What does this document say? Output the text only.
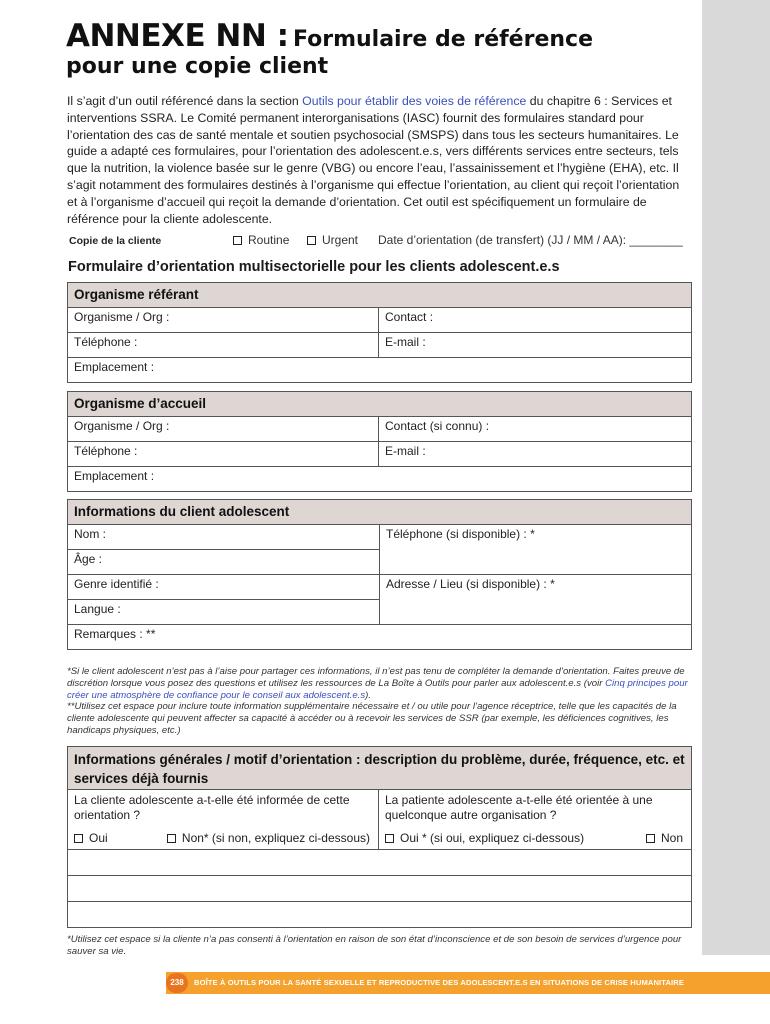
ANNEXE NN : Formulaire de référence
pour une copie client

Il s’agit d’un outil référencé dans la section Outils pour établir des voies de référence du chapitre 6 : Services et interventions SSRA. Le Comité permanent interorganisations (IASC) fournit des formulaires standard pour l’orientation des cas de santé mentale et soutien psychosocial (SMSPS) dans tous les secteurs humanitaires. Le guide a adapté ces formulaires, pour l’orientation des adolescent.e.s, vers différents services entre secteurs, tels que la nutrition, la violence basée sur le genre (VBG) ou encore l’eau, l’assainissement et l’hygiène (EHA), etc. Il s’agit notamment des formulaires destinés à l’organisme qui effectue l’orientation, au client qui reçoit l’orientation et à l’organisme d’accueil qui reçoit la demande d’orientation. Cet outil est spécifiquement un formulaire de référence pour la cliente adolescente.

Copie de la cliente	Routine	Urgent Date d’orientation (de transfert) (JJ / MM / AA): ________
Formulaire d’orientation multisectorielle pour les clients adolescent.e.s
Organisme référant	
Organisme / Org :	Contact :
Téléphone :	E-mail :
Emplacement :	
Organisme d’accueil	
Organisme / Org :	Contact (si connu) :
Téléphone :	E-mail :
Emplacement :	
Informations du client adolescent	
Nom :	Téléphone (si disponible) : *
Âge :	
Genre identifié :	Adresse / Lieu (si disponible) : *
Langue :	
Remarques : **	

*Si le client adolescent n’est pas à l’aise pour partager ces informations, il n’est pas tenu de compléter la demande d’orientation. Faites preuve de discrétion lorsque vous posez des questions et utilisez les ressources de La Boîte à Outils pour parler aux adolescent.e.s (voir Cinq principes pour créer une atmosphère de confiance pour le conseil aux adolescent.e.s).

**Utilisez cet espace pour inclure toute information supplémentaire nécessaire et / ou utile pour l’agence réceptrice, telle que les capacités de la cliente adolescente qui peuvent affecter sa capacité à accéder ou à recevoir les services de SSR (par exemple, les déficiences cognitives, les handicaps physiques, etc.)

Informations générales / motif d’orientation : description du problème, durée, fréquence, etc. et services déjà fournis

La cliente adolescente a-t-elle été informée de cette orientation ?
Oui	Non* (si non, expliquez ci-dessous)

La patiente adolescente a-t-elle été orientée à une quelconque autre organisation ?
Oui * (si oui, expliquez ci-dessous)	Non

*Utilisez cet espace si la cliente n’a pas consenti à l’orientation en raison de son état d’inconscience et de son besoin de services d’urgence pour sauver sa vie.

238	BOÎTE À OUTILS POUR LA SANTÉ SEXUELLE ET REPRODUCTIVE DES ADOLESCENT.E.S EN SITUATIONS DE CRISE HUMANITAIRE
